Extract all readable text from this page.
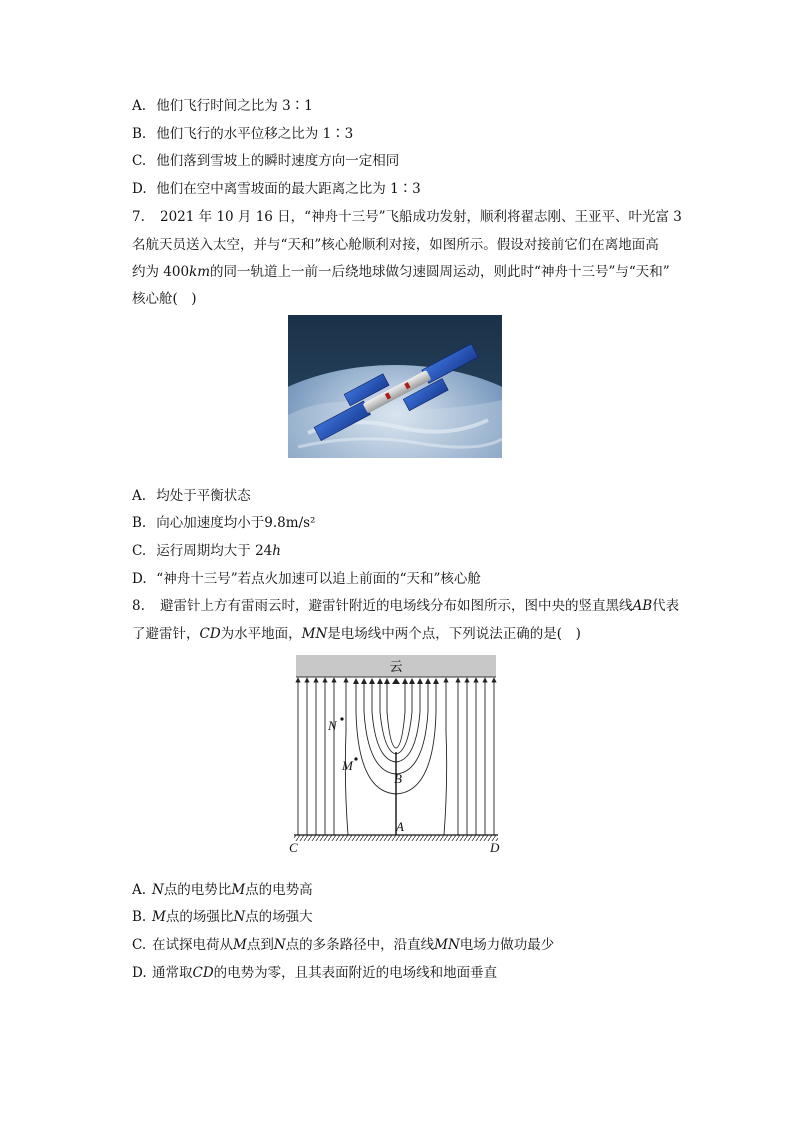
A. 他们飞行时间之比为 3∶1
B. 他们飞行的水平位移之比为 1∶3
C. 他们落到雪坡上的瞬时速度方向一定相同
D. 他们在空中离雪坡面的最大距离之比为 1∶3
7. 2021 年 10 月 16 日，“神舟十三号”飞船成功发射，顺利将翟志刚、王亚平、叶光富 3
名航天员送入太空，并与“天和”核心舱顺利对接，如图所示。假设对接前它们在离地面高
约为 400km的同一轨道上一前一后绕地球做匀速圆周运动，则此时“神舟十三号”与“天和”
核心舱(　)
A. 均处于平衡状态
B. 向心加速度均小于9.8m/s²
C. 运行周期均大于 24h
D. “神舟十三号”若点火加速可以追上前面的“天和”核心舱
8. 避雷针上方有雷雨云时，避雷针附近的电场线分布如图所示，图中央的竖直黑线AB代表
了避雷针，CD为水平地面，MN是电场线中两个点，下列说法正确的是(　)
云
N
M
B
A
C	D
A. N点的电势比M点的电势高
B. M点的场强比N点的场强大
C. 在试探电荷从M点到N点的多条路径中，沿直线MN电场力做功最少
D. 通常取CD的电势为零，且其表面附近的电场线和地面垂直
